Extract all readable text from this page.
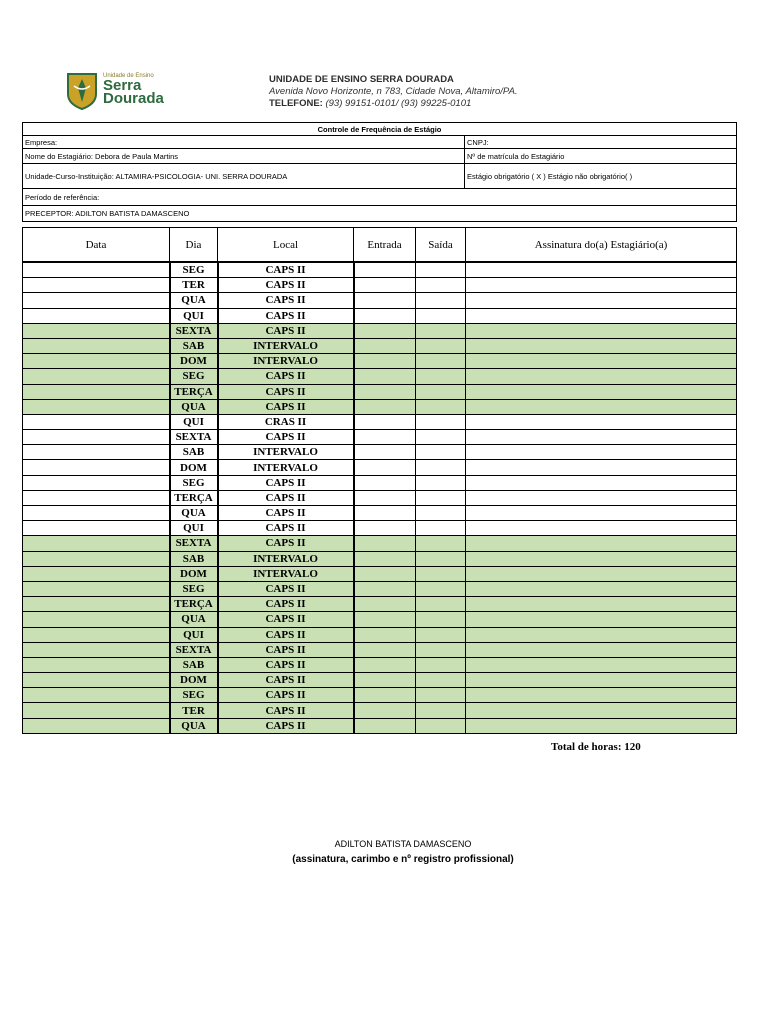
Unidade de Ensino
Serra
Dourada
UNIDADE DE ENSINO SERRA DOURADA
Avenida Novo Horizonte, n 783, Cidade Nova, Altamiro/PA.
TELEFONE: (93) 99151-0101/ (93) 99225-0101
Controle de Frequência de Estágio	
Empresa:	CNPJ:
Nome do Estagiário: Debora de Paula Martins	Nº de matrícula do Estagiário
Unidade-Curso-Instituição: ALTAMIRA-PSICOLOGIA- UNI. SERRA DOURADA	Estágio obrigatório ( X ) Estágio não obrigatório( )
Período de referência:	
PRECEPTOR: ADILTON BATISTA DAMASCENO	
Data	Dia	Local	Entrada	Saída	Assinatura do(a) Estagiário(a)
	SEG	CAPS II			
	TER	CAPS II			
	QUA	CAPS II			
	QUI	CAPS II			
	SEXTA	CAPS II			
	SAB	INTERVALO			
	DOM	INTERVALO			
	SEG	CAPS II			
	TERÇA	CAPS II			
	QUA	CAPS II			
	QUI	CRAS II			
	SEXTA	CAPS II			
	SAB	INTERVALO			
	DOM	INTERVALO			
	SEG	CAPS II			
	TERÇA	CAPS II			
	QUA	CAPS II			
	QUI	CAPS II			
	SEXTA	CAPS II			
	SAB	INTERVALO			
	DOM	INTERVALO			
	SEG	CAPS II			
	TERÇA	CAPS II			
	QUA	CAPS II			
	QUI	CAPS II			
	SEXTA	CAPS II			
	SAB	CAPS II			
	DOM	CAPS II			
	SEG	CAPS II			
	TER	CAPS II			
	QUA	CAPS II			
Total de horas: 120
ADILTON BATISTA DAMASCENO
(assinatura, carimbo e nº registro profissional)
